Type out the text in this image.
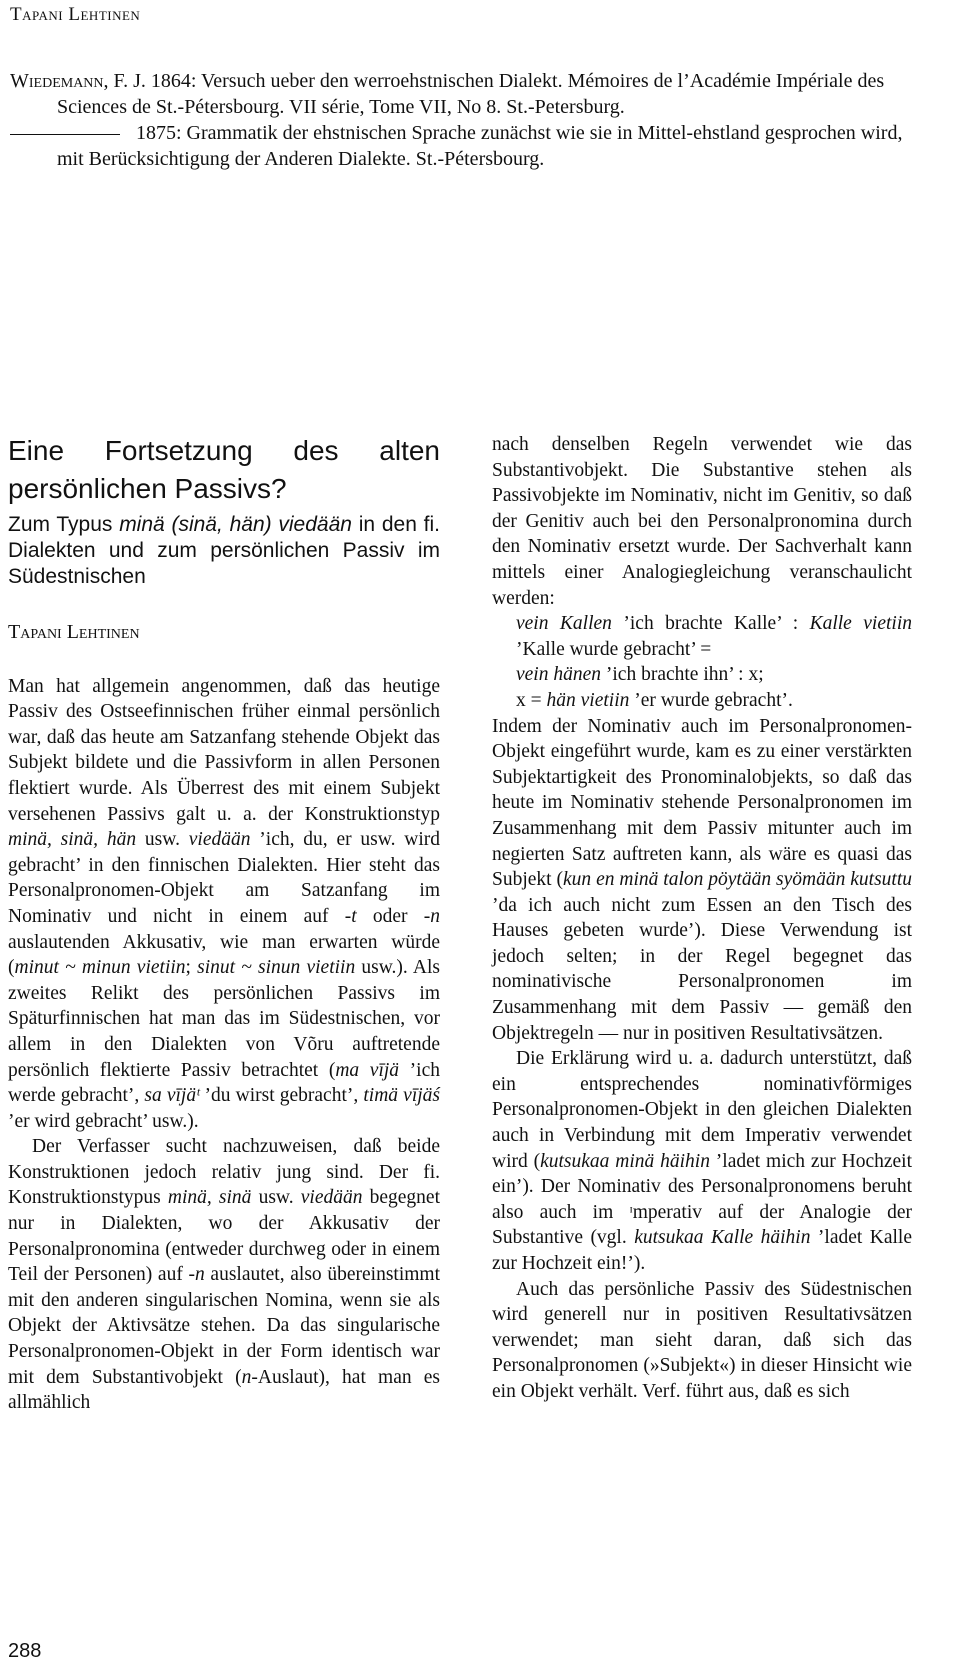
Tapani Lehtinen

Wiedemann, F. J. 1864: Versuch ueber den werroehstnischen Dialekt. Mémoires de l’Académie Impériale des Sciences de St.-Pétersbourg. VII série, Tome VII, No 8. St.-Petersburg.

1875: Grammatik der ehstnischen Sprache zunächst wie sie in Mittel-ehstland gesprochen wird, mit Berücksichtigung der Anderen Dialekte. St.-Pétersbourg.

Eine Fortsetzung des alten persönlichen Passivs?
Zum Typus minä (sinä, hän) viedään in den fi. Dialekten und zum persönlichen Passiv im Südestnischen
Tapani Lehtinen

Man hat allgemein angenommen, daß das heutige Passiv des Ostseefinnischen früher einmal persönlich war, daß das heute am Satzanfang stehende Objekt das Subjekt bildete und die Passivform in allen Personen flektiert wurde. Als Überrest des mit einem Subjekt versehenen Passivs galt u. a. der Konstruktionstyp minä, sinä, hän usw. viedään ’ich, du, er usw. wird gebracht’ in den finnischen Dialekten. Hier steht das Personalpronomen-Objekt am Satzanfang im Nominativ und nicht in einem auf -t oder -n auslautenden Akkusativ, wie man erwarten würde (minut ~ minun vietiin; sinut ~ sinun vietiin usw.). Als zweites Relikt des persönlichen Passivs im Späturfinnischen hat man das im Südestnischen, vor allem in den Dialekten von Võru auftretende persönlich flektierte Passiv betrachtet (ma vījä ’ich werde gebracht’, sa vījäᵗ ’du wirst gebracht’, timä vījäś ’er wird gebracht’ usw.).

Der Verfasser sucht nachzuweisen, daß beide Konstruktionen jedoch relativ jung sind. Der fi. Konstruktionstypus minä, sinä usw. viedään begegnet nur in Dialekten, wo der Akkusativ der Personalpronomina (entweder durchweg oder in einem Teil der Personen) auf -n auslautet, also übereinstimmt mit den anderen singularischen Nomina, wenn sie als Objekt der Aktivsätze stehen. Da das singularische Personalpronomen-Objekt in der Form identisch war mit dem Substantivobjekt (n-Auslaut), hat man es allmählich

nach denselben Regeln verwendet wie das Substantivobjekt. Die Substantive stehen als Passivobjekte im Nominativ, nicht im Genitiv, so daß der Genitiv auch bei den Personalpronomina durch den Nominativ ersetzt wurde. Der Sachverhalt kann mittels einer Analogiegleichung veranschaulicht werden:

vein Kallen ’ich brachte Kalle’ : Kalle vietiin ’Kalle wurde gebracht’ =

vein hänen ’ich brachte ihn’ : x;

x = hän vietiin ’er wurde gebracht’.

Indem der Nominativ auch im Personalpronomen-Objekt eingeführt wurde, kam es zu einer verstärkten Subjektartigkeit des Pronominalobjekts, so daß das heute im Nominativ stehende Personalpronomen im Zusammenhang mit dem Passiv mitunter auch im negierten Satz auftreten kann, als wäre es quasi das Subjekt (kun en minä talon pöytään syömään kutsuttu ’da ich auch nicht zum Essen an den Tisch des Hauses gebeten wurde’). Diese Verwendung ist jedoch selten; in der Regel begegnet das nominativische Personalpronomen im Zusammenhang mit dem Passiv — gemäß den Objektregeln — nur in positiven Resultativsätzen.

Die Erklärung wird u. a. dadurch unterstützt, daß ein entsprechendes nominativförmiges Personalpronomen-Objekt in den gleichen Dialekten auch in Verbindung mit dem Imperativ verwendet wird (kutsukaa minä häihin ’ladet mich zur Hochzeit ein’). Der Nominativ des Personalpronomens beruht also auch im ᶦmperativ auf der Analogie der Substantive (vgl. kutsukaa Kalle häihin ’ladet Kalle zur Hochzeit ein!’).

Auch das persönliche Passiv des Südestnischen wird generell nur in positiven Resultativsätzen verwendet; man sieht daran, daß sich das Personalpronomen (»Subjekt«) in dieser Hinsicht wie ein Objekt verhält. Verf. führt aus, daß es sich

288
